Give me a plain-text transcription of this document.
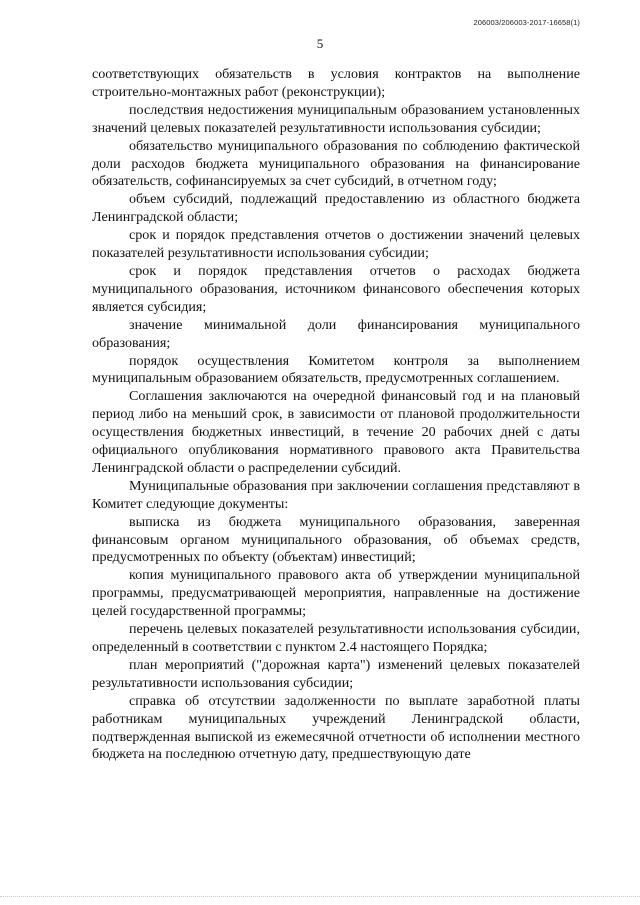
206003/206003-2017-16658(1)
5

соответствующих обязательств в условия контрактов на выполнение строительно-монтажных работ (реконструкции);

последствия недостижения муниципальным образованием установленных значений целевых показателей результативности использования субсидии;

обязательство муниципального образования по соблюдению фактической доли расходов бюджета муниципального образования на финансирование обязательств, софинансируемых за счет субсидий, в отчетном году;

объем субсидий, подлежащий предоставлению из областного бюджета Ленинградской области;

срок и порядок представления отчетов о достижении значений целевых показателей результативности использования субсидии;

срок и порядок представления отчетов о расходах бюджета муниципального образования, источником финансового обеспечения которых является субсидия;

значение минимальной доли финансирования муниципального образования;

порядок осуществления Комитетом контроля за выполнением муниципальным образованием обязательств, предусмотренных соглашением.

Соглашения заключаются на очередной финансовый год и на плановый период либо на меньший срок, в зависимости от плановой продолжительности осуществления бюджетных инвестиций, в течение 20 рабочих дней с даты официального опубликования нормативного правового акта Правительства Ленинградской области о распределении субсидий.

Муниципальные образования при заключении соглашения представляют в Комитет следующие документы:

выписка из бюджета муниципального образования, заверенная финансовым органом муниципального образования, об объемах средств, предусмотренных по объекту (объектам) инвестиций;

копия муниципального правового акта об утверждении муниципальной программы, предусматривающей мероприятия, направленные на достижение целей государственной программы;

перечень целевых показателей результативности использования субсидии, определенный в соответствии с пунктом 2.4 настоящего Порядка;

план мероприятий ("дорожная карта") изменений целевых показателей результативности использования субсидии;

справка об отсутствии задолженности по выплате заработной платы работникам муниципальных учреждений Ленинградской области, подтвержденная выпиской из ежемесячной отчетности об исполнении местного бюджета на последнюю отчетную дату, предшествующую дате
